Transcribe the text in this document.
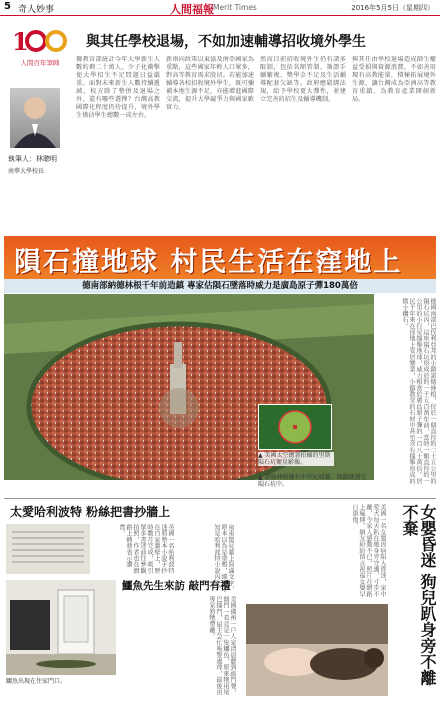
5 奇人妙事	人間福報 Merit Times	2016年5月5日（星期四）
1
人間百年筆陣
與其任學校退場，不如加速輔導招收境外學生
執筆人：林聰明
南華大學校長
據教育部統計今年大學新生人數約剩二十萬人，少子化衝擊使大學招生不足問題日益嚴重。面對未來新生人數持續遞減，校方除了整併及退場之外，還有哪些選擇？台灣高教國際化程度仍待提升，境外學生僅佔學生總數一成左右。
新南向政策以東協及南亞國家為重點，這些國家年輕人口眾多，對高等教育需求殷切。若能加速輔導各校招收境外學生，既可彌補本地生源不足，亦能增進國際交流，提升大學競爭力與國家軟實力。
然而目前招收境外生仍有諸多限制，包括名額管制、簽證手續繁複、獎學金不足及生活輔導配套欠缺等。政府應鬆綁法規，給予學校更大彈性，並建立完善的招生及輔導機制。
與其任由學校退場造成師生權益受損與資源浪費，不如善用現有高教能量，積極拓展境外生源，讓台灣成為亞洲高等教育重鎮，為教育產業開創新局。
隕石撞地球 村民生活在窪地上
德南部納德林根千年前造鎮 專家估隕石墜落時威力是廣島原子彈180萬倍
▲ 美國太空總署拍攝的里斯隕石坑衛星影像。
▲ 諾德林根擁有中世紀城牆，城鎮就建在隕石坑中。
德國南部巴伐利亞邦的小鎮諾德林根，位於一個直徑約二十五公里的隕石坑內，這座隕石坑形成於約一千五百萬年前，當時一顆直徑約一公里的小行星撞擊地球，威力相當於廣島原子彈的一百八十萬倍。居民千年來在窪地上安居樂業，小鎮教堂的石材中甚至含有撞擊形成的微小鑽石。
太愛哈利波特 粉絲把書抄牆上
英國一名哈利波特迷將整本小說手抄在自家牆壁上，歷時數月完成，吸引眾多書迷前往參觀拍照，作者也在網路上轉發表示讚賞。	房東驚見牆上寫滿文字，原本以為是塗鴉，細看才知是哈利波特小說內文。
鱷魚出現在住家門口。
鱷魚先生來訪 敲門有禮
美國佛州一戶人家清晨聽到敲門聲，開門一看竟是一隻鱷魚，原來牠用尾巴撞門，屋主急忙報警處理，最後由專家將牠帶離。
美國一名女嬰因病陷入昏迷，家中愛犬每天趴在她身旁守護，寸步不離，令家人感動不已，照片在網路上瘋傳，網友紛紛留言祝福女嬰早日康復。	女嬰昏迷 狗兒趴身旁不離不棄
